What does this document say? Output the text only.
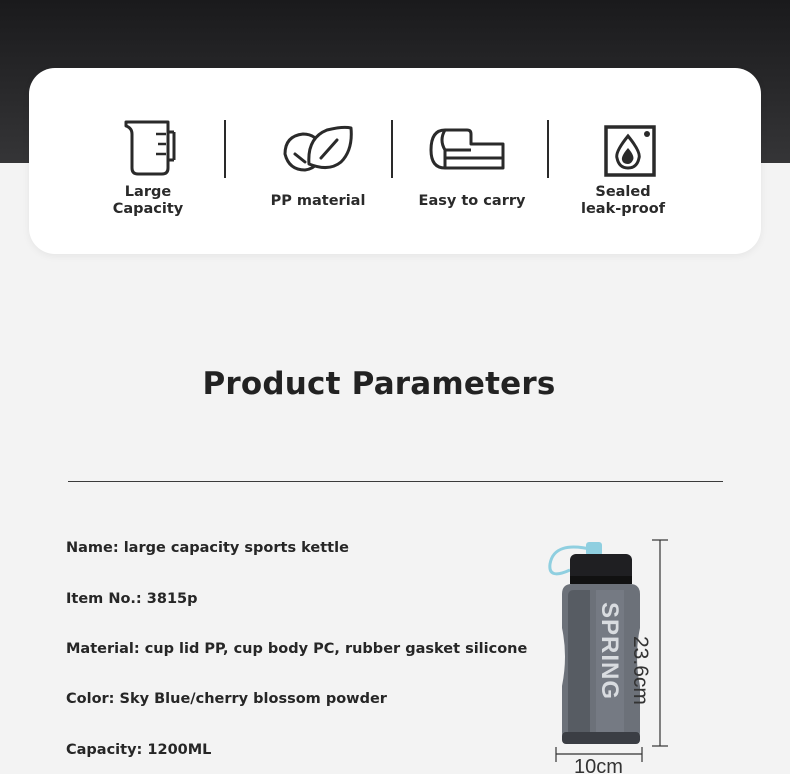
Large
Capacity	PP material	Easy to carry
Sealed
leak-proof
Product Parameters
Name: large capacity sports kettle
Item No.: 3815p
Material: cup lid PP, cup body PC, rubber gasket silicone
Color: Sky Blue/cherry blossom powder
Capacity: 1200ML
SPRING 23.6cm
10cm
